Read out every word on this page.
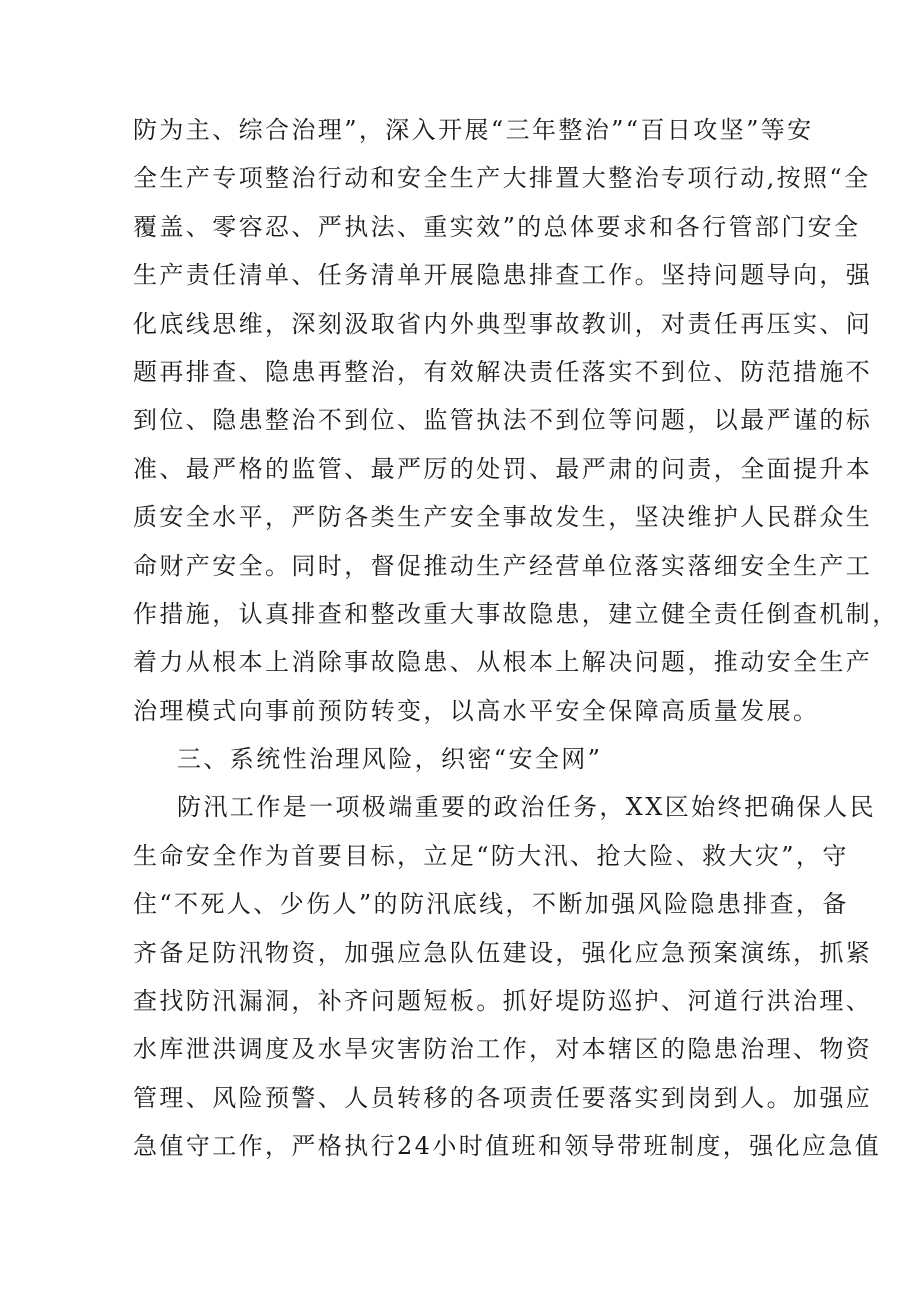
防为主、综合治理”，深入开展“三年整治”“百日攻坚”等安
全生产专项整治行动和安全生产大排置大整治专项行动,按照“全
覆盖、零容忍、严执法、重实效”的总体要求和各行管部门安全
生产责任清单、任务清单开展隐患排查工作。坚持问题导向，强
化底线思维，深刻汲取省内外典型事故教训，对责任再压实、问
题再排查、隐患再整治，有效解决责任落实不到位、防范措施不
到位、隐患整治不到位、监管执法不到位等问题，以最严谨的标
准、最严格的监管、最严厉的处罚、最严肃的问责，全面提升本
质安全水平，严防各类生产安全事故发生，坚决维护人民群众生
命财产安全。同时，督促推动生产经营单位落实落细安全生产工
作措施，认真排查和整改重大事故隐患，建立健全责任倒查机制，
着力从根本上消除事故隐患、从根本上解决问题，推动安全生产
治理模式向事前预防转变，以高水平安全保障高质量发展。
三、系统性治理风险，织密“安全网”
防汛工作是一项极端重要的政治任务，XX区始终把确保人民
生命安全作为首要目标，立足“防大汛、抢大险、救大灾”，守
住“不死人、少伤人”的防汛底线，不断加强风险隐患排查，备
齐备足防汛物资，加强应急队伍建设，强化应急预案演练，抓紧
查找防汛漏洞，补齐问题短板。抓好堤防巡护、河道行洪治理、
水库泄洪调度及水旱灾害防治工作，对本辖区的隐患治理、物资
管理、风险预警、人员转移的各项责任要落实到岗到人。加强应
急值守工作，严格执行24小时值班和领导带班制度，强化应急值
